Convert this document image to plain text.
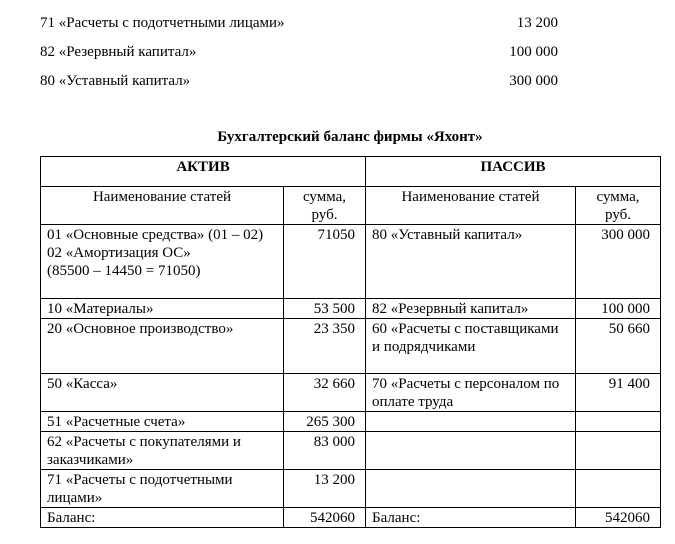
71 «Расчеты с подотчетными лицами»	13 200
82 «Резервный капитал»	100 000
80 «Уставный капитал»	300 000
Бухгалтерский баланс фирмы «Яхонт»
АКТИВ		ПАССИВ	
Наименование статей	сумма, руб.	Наименование статей	сумма, руб.

01 «Основные средства» (01 – 02)
02 «Амортизация ОС»
(85500 – 14450 = 71050)	71050	80 «Уставный капитал»	300 000
10 «Материалы»	53 500	82 «Резервный капитал»	100 000
20 «Основное производство»	23 350	60 «Расчеты с поставщиками и подрядчиками	50 660
50 «Касса»	32 660	70 «Расчеты с персоналом по оплате труда	91 400
51 «Расчетные счета»	265 300		
62 «Расчеты с покупателями и заказчиками»	83 000		
71 «Расчеты с подотчетными лицами»	13 200		
Баланс:	542060	Баланс:	542060
